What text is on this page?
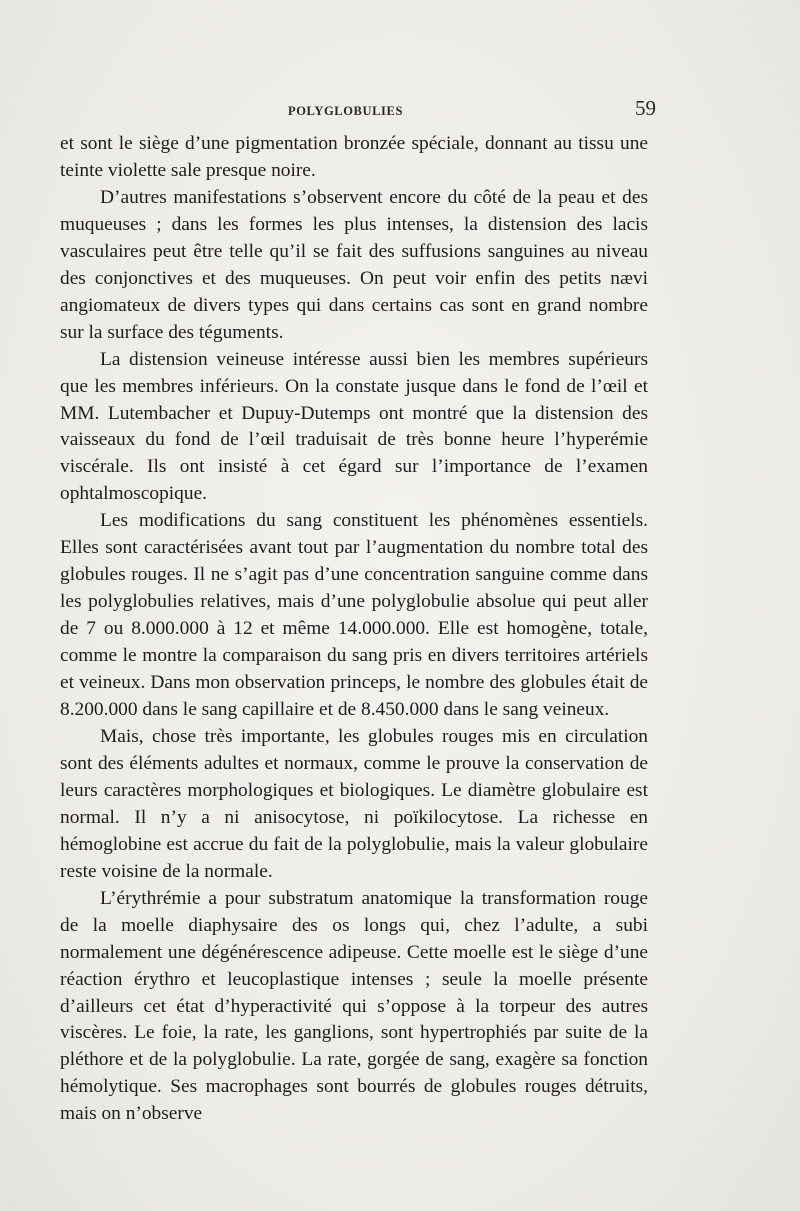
POLYGLOBULIES	59

et sont le siège d’une pigmentation bronzée spéciale, donnant au tissu une teinte violette sale presque noire.

D’autres manifestations s’observent encore du côté de la peau et des muqueuses ; dans les formes les plus intenses, la distension des lacis vasculaires peut être telle qu’il se fait des suffusions sanguines au niveau des conjonctives et des muqueuses. On peut voir enfin des petits nævi angiomateux de divers types qui dans certains cas sont en grand nombre sur la surface des téguments.

La distension veineuse intéresse aussi bien les membres supérieurs que les membres inférieurs. On la constate jusque dans le fond de l’œil et MM. Lutembacher et Dupuy-Dutemps ont montré que la distension des vaisseaux du fond de l’œil traduisait de très bonne heure l’hyperémie viscérale. Ils ont insisté à cet égard sur l’importance de l’examen ophtalmoscopique.

Les modifications du sang constituent les phénomènes essentiels. Elles sont caractérisées avant tout par l’augmentation du nombre total des globules rouges. Il ne s’agit pas d’une concentration sanguine comme dans les polyglobulies relatives, mais d’une polyglobulie absolue qui peut aller de 7 ou 8.000.000 à 12 et même 14.000.000. Elle est homogène, totale, comme le montre la comparaison du sang pris en divers territoires artériels et veineux. Dans mon observation princeps, le nombre des globules était de 8.200.000 dans le sang capillaire et de 8.450.000 dans le sang veineux.

Mais, chose très importante, les globules rouges mis en circulation sont des éléments adultes et normaux, comme le prouve la conservation de leurs caractères morphologiques et biologiques. Le diamètre globulaire est normal. Il n’y a ni anisocytose, ni poïkilocytose. La richesse en hémoglobine est accrue du fait de la polyglobulie, mais la valeur globulaire reste voisine de la normale.

L’érythrémie a pour substratum anatomique la transformation rouge de la moelle diaphysaire des os longs qui, chez l’adulte, a subi normalement une dégénérescence adipeuse. Cette moelle est le siège d’une réaction érythro et leucoplastique intenses ; seule la moelle présente d’ailleurs cet état d’hyperactivité qui s’oppose à la torpeur des autres viscères. Le foie, la rate, les ganglions, sont hypertrophiés par suite de la pléthore et de la polyglobulie. La rate, gorgée de sang, exagère sa fonction hémolytique. Ses macrophages sont bourrés de globules rouges détruits, mais on n’observe
